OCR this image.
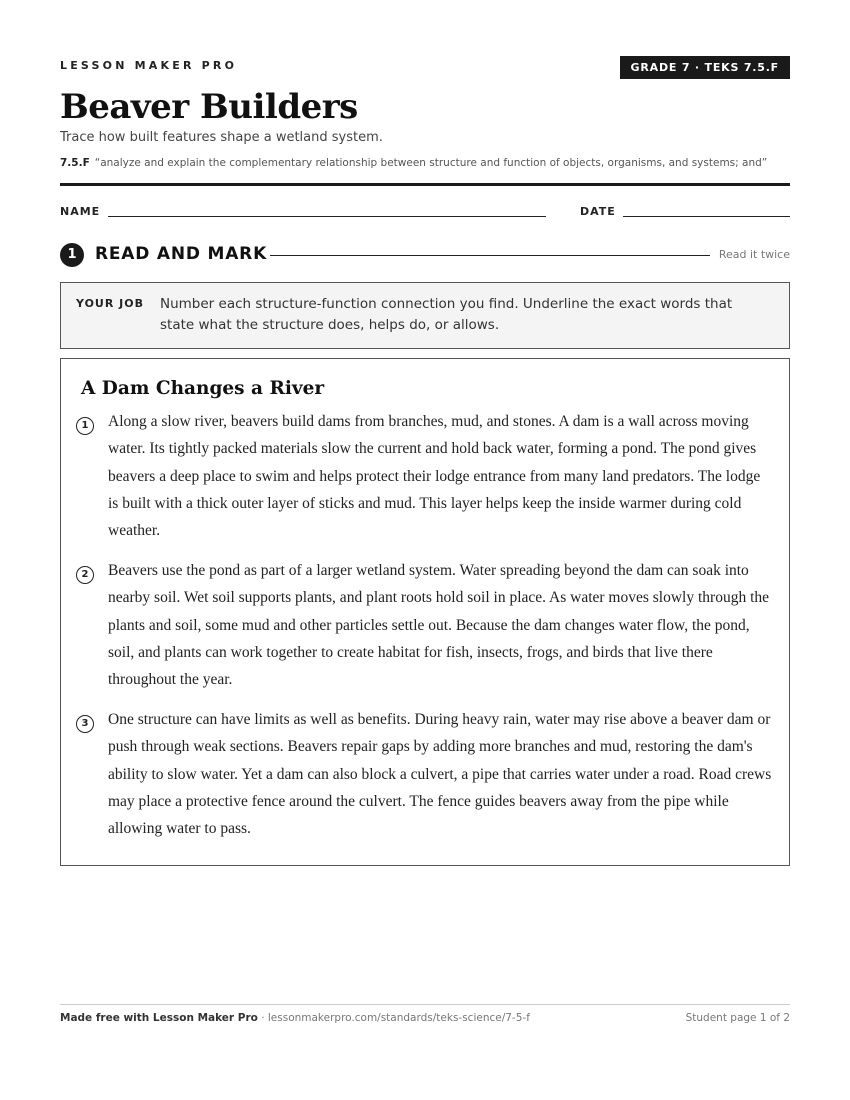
LESSON MAKER PRO	GRADE 7 · TEKS 7.5.F
Beaver Builders
Trace how built features shape a wetland system.
7.5.F “analyze and explain the complementary relationship between structure and function of objects, organisms, and systems; and”
NAME	DATE
1	READ AND MARK	Read it twice
YOUR JOB Number each structure-function connection you find. Underline the exact words that state what the structure does, helps do, or allows.
A Dam Changes a River
1	Along a slow river, beavers build dams from branches, mud, and stones. A dam is a wall across moving water. Its tightly packed materials slow the current and hold back water, forming a pond. The pond gives beavers a deep place to swim and helps protect their lodge entrance from many land predators. The lodge is built with a thick outer layer of sticks and mud. This layer helps keep the inside warmer during cold weather.
2	Beavers use the pond as part of a larger wetland system. Water spreading beyond the dam can soak into nearby soil. Wet soil supports plants, and plant roots hold soil in place. As water moves slowly through the plants and soil, some mud and other particles settle out. Because the dam changes water flow, the pond, soil, and plants can work together to create habitat for fish, insects, frogs, and birds that live there throughout the year.
3	One structure can have limits as well as benefits. During heavy rain, water may rise above a beaver dam or push through weak sections. Beavers repair gaps by adding more branches and mud, restoring the dam's ability to slow water. Yet a dam can also block a culvert, a pipe that carries water under a road. Road crews may place a protective fence around the culvert. The fence guides beavers away from the pipe while allowing water to pass.
Made free with Lesson Maker Pro · lessonmakerpro.com/standards/teks-science/7-5-f	Student page 1 of 2
